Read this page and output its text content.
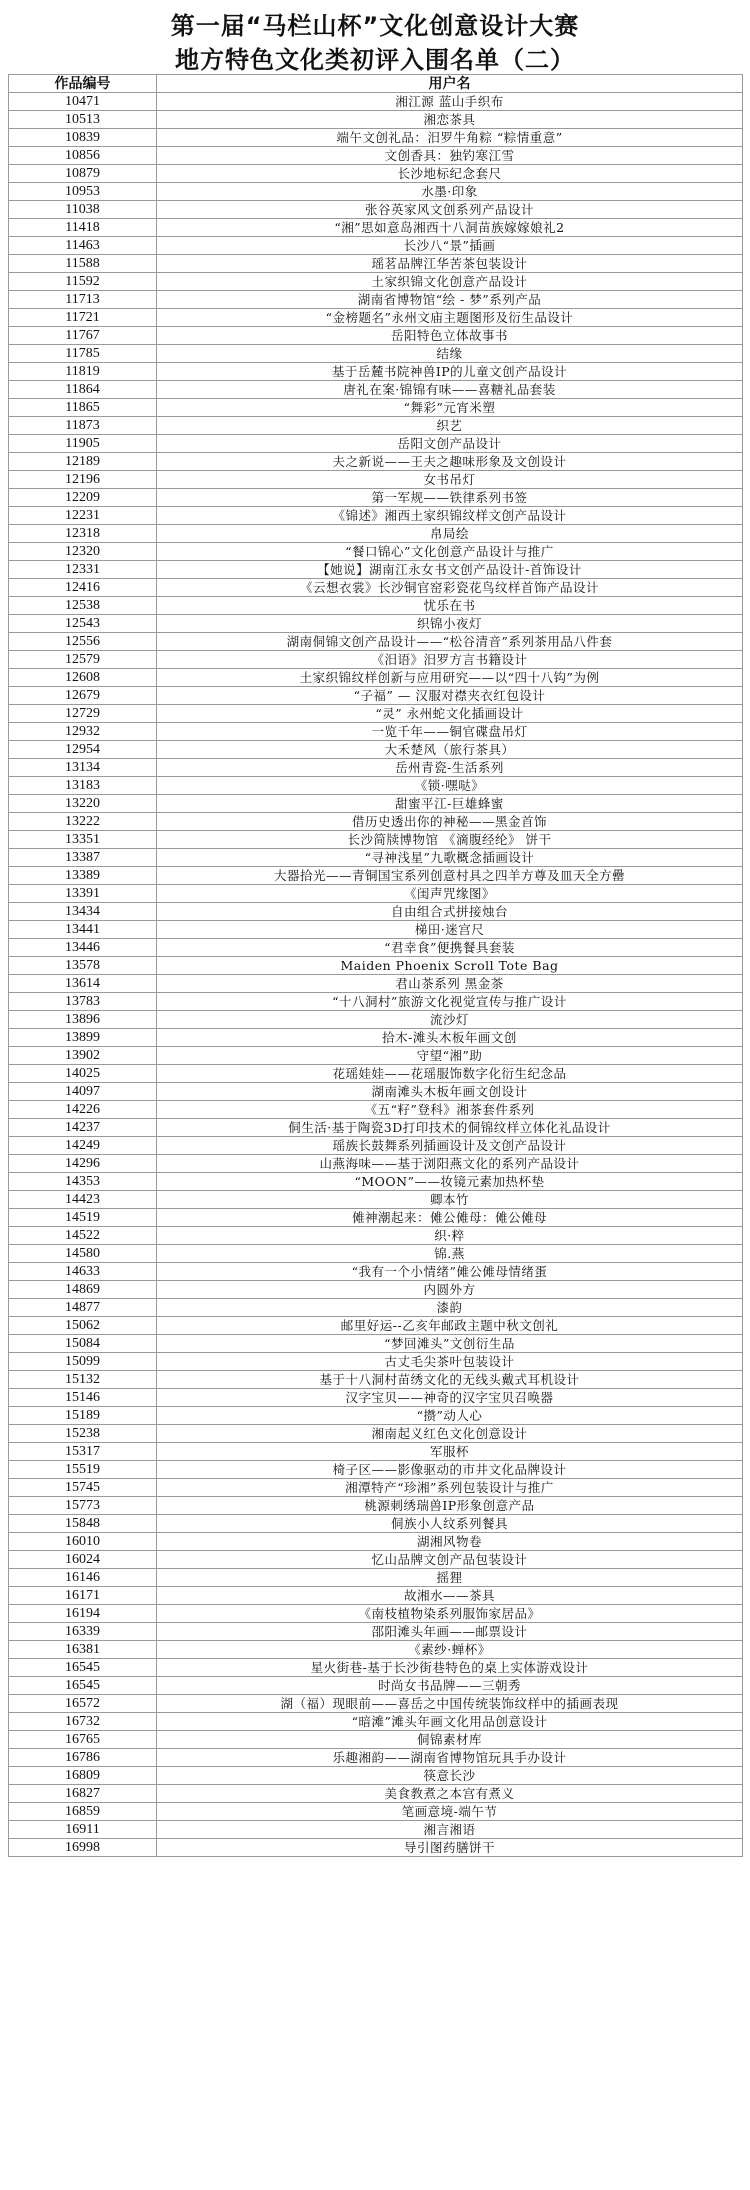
第一届“马栏山杯”文化创意设计大赛
地方特色文化类初评入围名单（二）
作品编号	用户名
10471	湘江源 蓝山手织布
10513	湘恋茶具
10839	端午文创礼品：汨罗牛角粽 “粽情重意”
10856	文创香具：独钓寒江雪
10879	长沙地标纪念套尺
10953	水墨·印象
11038	张谷英家风文创系列产品设计
11418	“湘”思如意岛湘西十八洞苗族嫁嫁娘礼2
11463	长沙八“景”插画
11588	瑶茗品牌江华苦茶包装设计
11592	土家织锦文化创意产品设计
11713	湖南省博物馆“绘 - 梦”系列产品
11721	“金榜题名”永州文庙主题图形及衍生品设计
11767	岳阳特色立体故事书
11785	结缘
11819	基于岳麓书院神兽IP的儿童文创产品设计
11864	唐礼在案·锦锦有味——喜糖礼品套装
11865	“舞彩”元宵米塑
11873	织艺
11905	岳阳文创产品设计
12189	夫之新说——王夫之趣味形象及文创设计
12196	女书吊灯
12209	第一军规——铁律系列书签
12231	《锦述》湘西土家织锦纹样文创产品设计
12318	帛局绘
12320	“餐口锦心”文化创意产品设计与推广
12331	【她说】湖南江永女书文创产品设计-首饰设计
12416	《云想衣裳》长沙铜官窑彩瓷花鸟纹样首饰产品设计
12538	忧乐在书
12543	织锦小夜灯
12556	湖南侗锦文创产品设计——“松谷清音”系列茶用品八件套
12579	《汨语》汨罗方言书籍设计
12608	土家织锦纹样创新与应用研究——以“四十八钩”为例
12679	“子福” — 汉服对襟夹衣红包设计
12729	“灵” 永州蛇文化插画设计
12932	一览千年——铜官碟盘吊灯
12954	大禾楚风（旅行茶具）
13134	岳州青瓷-生活系列
13183	《锁·嘿哒》
13220	甜蜜平江-巨雄蜂蜜
13222	借历史透出你的神秘——黑金首饰
13351	长沙简牍博物馆 《滴腹经纶》 饼干
13387	“寻神浅星”九歌概念插画设计
13389	大器拾光——青铜国宝系列创意村具之四羊方尊及皿天全方罍
13391	《闺声咒缘图》
13434	自由组合式拼接烛台
13441	梯田·迷宫尺
13446	“君幸食”便携餐具套装
13578	Maiden Phoenix Scroll Tote Bag
13614	君山茶系列 黑金茶
13783	“十八洞村”旅游文化视觉宣传与推广设计
13896	流沙灯
13899	拾木-滩头木板年画文创
13902	守望“湘”助
14025	花瑶娃娃——花瑶服饰数字化衍生纪念品
14097	湖南滩头木板年画文创设计
14226	《五“籽”登科》湘茶套件系列
14237	侗生活·基于陶瓷3D打印技术的侗锦纹样立体化礼品设计
14249	瑶族长鼓舞系列插画设计及文创产品设计
14296	山燕海味——基于浏阳燕文化的系列产品设计
14353	“MOON”——妆镜元素加热杯垫
14423	卿本竹
14519	傩神潮起来：傩公傩母：傩公傩母
14522	织·粹
14580	锦.燕
14633	“我有一个小情绪”傩公傩母情绪蛋
14869	内圆外方
14877	漆韵
15062	邮里好运--乙亥年邮政主题中秋文创礼
15084	“梦回滩头”文创衍生品
15099	古丈毛尖茶叶包装设计
15132	基于十八洞村苗绣文化的无线头戴式耳机设计
15146	汉字宝贝——神奇的汉字宝贝召唤器
15189	“攒”动人心
15238	湘南起义红色文化创意设计
15317	军服杯
15519	椅子区——影像驱动的市井文化品牌设计
15745	湘潭特产“珍湘”系列包装设计与推广
15773	桃源刺绣瑞兽IP形象创意产品
15848	侗族小人纹系列餐具
16010	湖湘风物卷
16024	忆山品牌文创产品包装设计
16146	摇狸
16171	故湘水——茶具
16194	《南枝植物染系列服饰家居品》
16339	邵阳滩头年画——邮票设计
16381	《素纱·蝉杯》
16545	星火街巷-基于长沙街巷特色的桌上实体游戏设计
16545	时尚女书品牌——三朝秀
16572	湖（福）现眼前——喜岳之中国传统装饰纹样中的插画表现
16732	“暗滩”滩头年画文化用品创意设计
16765	侗锦素材库
16786	乐趣湘韵——湖南省博物馆玩具手办设计
16809	筷意长沙
16827	美食教煮之本宫有煮义
16859	笔画意境-端午节
16911	湘言湘语
16998	导引图药膳饼干
